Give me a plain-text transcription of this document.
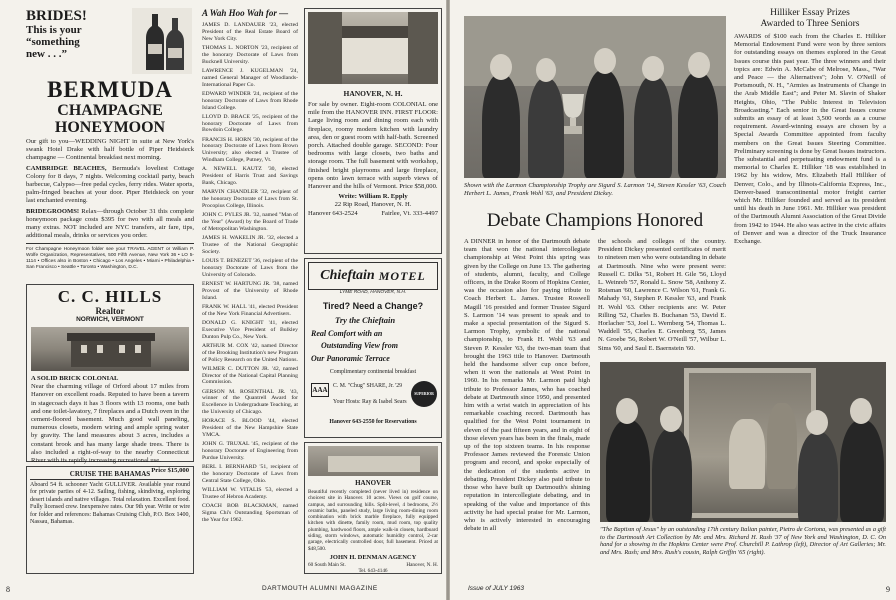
BRIDES!
This is your
“something
new . . .”
BERMUDA
CHAMPAGNE
HONEYMOON

Our gift to you—WEDDING NIGHT in suite at New York's swank Hotel Drake with half bottle of Piper Heidsieck champagne — Continental breakfast next morning.

CAMBRIDGE BEACHES, Bermuda's loveliest Cottage Colony for 8 days, 7 nights. Welcoming cocktail party, beach barbecue, Calypso—free pedal cycles, ferry rides. Water sports, palm-fringed beaches at your door. Piper Heidsieck on your last enchanted evening.

BRIDEGROOMS! Relax—through October 31 this complete honeymoon package costs $395 for two with all meals and many extras. NOT included are NYC transfers, air fare, tips, additional meals, drinks or services you order.

For Champagne Honeymoon folder see your TRAVEL AGENT or William P. Wolfe Organization, Representatives, 500 Fifth Avenue, New York 36 • LO 5-1114 • Offices also in Boston • Chicago • Los Angeles • Miami • Philadelphia • San Francisco • Seattle • Toronto • Washington, D.C.

C. C. HILLS
Realtor
NORWICH, VERMONT
A SOLID BRICK COLONIAL

Near the charming village of Orford about 17 miles from Hanover on excellent roads. Reputed to have been a tavern in stagecoach days it has 3 floors with 13 rooms, one bath and one toilet-lavatory, 7 fireplaces and a Dutch oven in the cement-floored basement. Much good wall paneling, numerous closets, modern wiring and ample spring water by gravity. The land measures about 3 acres, includes a constant brook and has many large shade trees. There is also included a right-of-way to the nearby Connecticut River with its rapidly increasing recreational use.

Price $15,000
CRUISE THE BAHAMAS

Aboard 54 ft. schooner Yacht GULLIVER. Available year round for private parties of 4-12. Sailing, fishing, skindiving, exploring desert islands and native villages. Total relaxation. Excellent food. Fully licensed crew. Inexpensive rates. Our 9th year. Write or wire for folder and references: Bahamas Cruising Club, P.O. Box 1400, Nassau, Bahamas.

A Wah Hoo Wah for —

JAMES D. LANDAUER '23, elected President of the Real Estate Board of New York City.

THOMAS L. NORTON '23, recipient of the honorary Doctorate of Laws from Bucknell University.

LAWRENCE J. KUGELMAN '24, named General Manager of Woodlands-International Paper Co.

EDWARD WINDER '24, recipient of the honorary Doctorate of Laws from Rhode Island College.

LLOYD D. BRACE '25, recipient of the honorary Doctorate of Laws from Bowdoin College.

FRANCIS H. HORN '30, recipient of the honorary Doctorate of Laws from Brown University; also elected a Trustee of Windham College, Putney, Vt.

A. NEWELL KAUTZ '30, elected President of Harris Trust and Savings Bank, Chicago.

MARVIN CHANDLER '32, recipient of the honorary Doctorate of Laws from St. Procopius College, Illinois.

JOHN C. PYLES JR. '32, named "Man of the Year" (Award) by the Board of Trade of Metropolitan Washington.

JAMES H. WAKELIN JR. '32, elected a Trustee of the National Geographic Society.

LOUIS T. BENEZET '36, recipient of the honorary Doctorate of Laws from the University of Colorado.

ERNEST W. HARTUNG JR. '38, named Provost of the University of Rhode Island.

FRANK W. HALL '41, elected President of the New York Financial Advertisers.

DONALD G. KNIGHT '41, elected Executive Vice President of Bulkley Dunton Pulp Co., New York.

ARTHUR M. COX '42, named Director of the Brooking Institution's new Program of Policy Research on the United Nations.

WILMER C. DUTTON JR. '42, named Director of the National Capital Planning Commission.

GERSON M. ROSENTHAL JR. '43, winner of the Quantrell Award for Excellence in Undergraduate Teaching, at the University of Chicago.

HORACE S. BLOOD '44, elected President of the New Hampshire State YMCA.

JOHN G. TRUXAL '45, recipient of the honorary Doctorate of Engineering from Purdue University.

BERL I. BERNHARD '51, recipient of the honorary Doctorate of Laws from Central State College, Ohio.

WILLIAM W. VITALIS '53, elected a Trustee of Hebron Academy.

COACH BOB BLACKMAN, named Sigma Chi's Outstanding Sportsman of the Year for 1962.

HANOVER, N. H.

For sale by owner. Eight-room COLONIAL one mile from the HANOVER INN. FIRST FLOOR: Large living room and dining room each with fireplace, roomy modern kitchen with laundry area, den or guest room with half-bath. Screened porch. Attached double garage. SECOND: Four bedrooms with large closets, two baths and storage room. The full basement with workshop, finished bright playrooms and large fireplace, opens onto lawn terrace with superb views of Hanover and the hills of Vermont. Price $58,000.

Write: William R. Epply
22 Rip Road, Hanover, N. H.
Hanover 643-2524	Fairlee, Vt. 333-4497
Chieftain MOTEL
LYME ROAD, HANOVER, N.H.
Tired? Need a Change?
Try the Chieftain
Real Comfort with an
Outstanding View from
Our Panoramic Terrace
Complimentary continental breakfast
AAA C. M. "Chug" SHARE, Jr. '29
Your Hosts: Ray & Isabel Sears
SUPERIOR
Hanover 643-2550 for Reservations
HANOVER

Beautiful recently completed (never lived in) residence on choicest site in Hanover. 10 acres. Views on golf course, campus, and surrounding hills. Split-level, 4 bedrooms, 2½ ceramic baths, paneled study, large living room-dining room combination with brick marble fireplace, fully equipped kitchen with dinette, family room, mud room, top quality plumbing, hardwood floors, ample walk-in closets, hardboard siding, storm windows, automatic humidity control, 2-car garage, electrically controlled door, full basement. Priced at $48,500.

JOHN H. DENMAN AGENCY
60 South Main St.	Hanover, N. H.
Tel. 643-4146
8	DARTMOUTH ALUMNI MAGAZINE
Shown with the Larmon Championship Trophy are Sigurd S. Larmon '14, Steven Kessler '63, Coach Herbert L. James, Frank Wohl '63, and President Dickey.
Debate Champions Honored
A DINNER in honor of the Dartmouth debate team that won the national intercollegiate championship at West Point this spring was given by the College on June 13. The gathering of students, alumni, faculty, and College officers, in the Drake Room of Hopkins Center, was the occasion also for paying tribute to Coach Herbert L. James. Trustee Roswell Magill '16 presided and former Trustee Sigurd S. Larmon '14 was present to speak and to make a special presentation of the Sigurd S. Larmon Trophy, symbolic of the national championship, to Frank H. Wohl '63 and Steven P. Kessler '63, the two-man team that brought the 1963 title to Hanover. Dartmouth held the handsome silver cup once before, when it won the nationals at West Point in 1960. In his remarks Mr. Larmon paid high tribute to Professor James, who has coached debate at Dartmouth since 1950, and presented him with a wrist watch in appreciation of his remarkable coaching record. Dartmouth has qualified for the West Point tournament in eleven of the past fifteen years, and in eight of those eleven years has been in the finals, made up of the top sixteen teams. In his response Professor James reviewed the Forensic Union program and record, and spoke especially of the dedication of the students active in debating. President Dickey also paid tribute to those who have built up Dartmouth's shining reputation in intercollegiate debating, and in speaking of the value and importance of this activity he had special praise for Mr. Larmon, who is actively interested in encouraging debate in all
the schools and colleges of the country. President Dickey presented certificates of merit to nineteen men who were outstanding in debate at Dartmouth. Nine who were present were: Russell C. Dilks '51, Robert H. Gile '56, Lloyd L. Weinreb '57, Ronald L. Snow '58, Anthony Z. Roisman '60, Lawrence C. Wilson '61, Frank G. Mahady '61, Stephen P. Kessler '63, and Frank H. Wohl '63. Other recipients are: W. Peter Rilling '52, Charles B. Buchanan '53, David E. Horlacher '53, Joel L. Wernberg '54, Thomas L. Waddell '55, Charles E. Greenberg '55, James N. Groebe '56, Robert W. O'Neill '57, Wilbur L. Sims '60, and Saul E. Baernstein '60.
Hilliker Essay Prizes
Awarded to Three Seniors

AWARDS of $100 each from the Charles E. Hilliker Memorial Endowment Fund were won by three seniors for outstanding essays on themes explored in the Great Issues course this past year. The three winners and their topics are: Edwin A. McCabe of Melrose, Mass., "War and Peace — the Alternatives"; John V. O'Neill of Portsmouth, N. H., "Armies as Instruments of Change in the Arab Middle East"; and Peter M. Slavin of Shaker Heights, Ohio, "The Public Interest in Television Broadcasting." Each senior in the Great Issues course submits an essay of at least 3,500 words as a course requirement. Award-winning essays are chosen by a Special Awards Committee appointed from faculty members on the Great Issues Steering Committee. Preliminary screening is done by Great Issues instructors. The substantial and perpetuating endowment fund is a memorial to Charles E. Hilliker '18 was established in 1962 by his widow, Mrs. Elizabeth Hall Hilliker of Denver, Colo., and by Illinois-California Express, Inc., Denver-based transcontinental motor freight carrier which Mr. Hilliker founded and served as its president until his death in June 1961. Mr. Hilliker was president of the Dartmouth Alumni Association of the Great Divide from 1942 to 1944. He also was active in the civic affairs of Denver and was a director of the Truck Insurance Exchange.

"The Baptism of Jesus" by an outstanding 17th century Italian painter, Pietro de Cortona, was presented as a gift to the Dartmouth Art Collection by Mr. and Mrs. Richard H. Rush '37 of New York and Washington, D. C. On hand for a showing in the Hopkins Center were Prof. Churchill P. Lathrop (left), Director of Art Galleries; Mr. and Mrs. Rush; and Mrs. Rush's cousin, Ralph Griffin '65 (right).
Issue of JULY 1963	9
